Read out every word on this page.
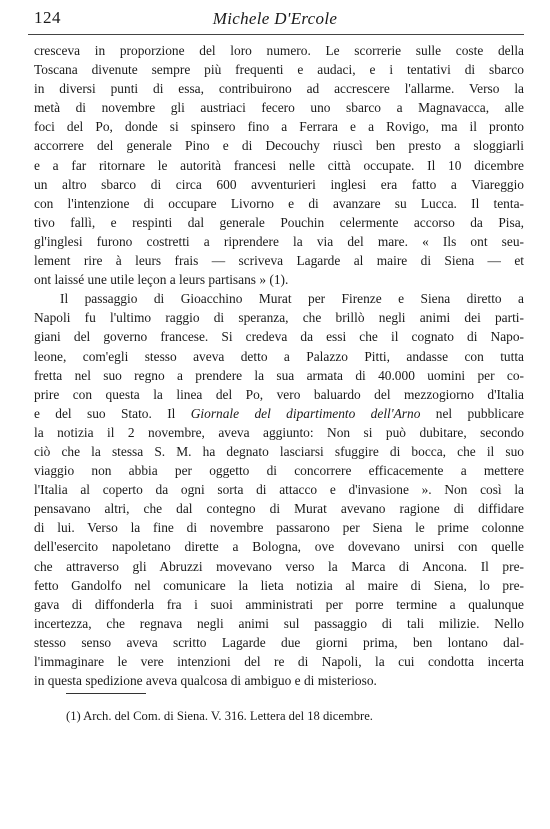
124	Michele D'Ercole
cresceva in proporzione del loro numero. Le scorrerie sulle coste della
Toscana divenute sempre più frequenti e audaci, e i tentativi di sbarco
in diversi punti di essa, contribuirono ad accrescere l'allarme. Verso la
metà di novembre gli austriaci fecero uno sbarco a Magnavacca, alle
foci del Po, donde si spinsero fino a Ferrara e a Rovigo, ma il pronto
accorrere del generale Pino e di Decouchy riuscì ben presto a sloggiarli
e a far ritornare le autorità francesi nelle città occupate. Il 10 dicembre
un altro sbarco di circa 600 avventurieri inglesi era fatto a Viareggio
con l'intenzione di occupare Livorno e di avanzare su Lucca. Il tenta-
tivo fallì, e respinti dal generale Pouchin celermente accorso da Pisa,
gl'inglesi furono costretti a riprendere la via del mare. « Ils ont seu-
lement rire à leurs frais — scriveva Lagarde al maire di Siena — et
ont laissé une utile leçon a leurs partisans » (1).
Il passaggio di Gioacchino Murat per Firenze e Siena diretto a
Napoli fu l'ultimo raggio di speranza, che brillò negli animi dei parti-
giani del governo francese. Si credeva da essi che il cognato di Napo-
leone, com'egli stesso aveva detto a Palazzo Pitti, andasse con tutta
fretta nel suo regno a prendere la sua armata di 40.000 uomini per co-
prire con questa la linea del Po, vero baluardo del mezzogiorno d'Italia
e del suo Stato. Il Giornale del dipartimento dell'Arno nel pubblicare
la notizia il 2 novembre, aveva aggiunto: Non si può dubitare, secondo
ciò che la stessa S. M. ha degnato lasciarsi sfuggire di bocca, che il suo
viaggio non abbia per oggetto di concorrere efficacemente a mettere
l'Italia al coperto da ogni sorta di attacco e d'invasione ». Non così la
pensavano altri, che dal contegno di Murat avevano ragione di diffidare
di lui. Verso la fine di novembre passarono per Siena le prime colonne
dell'esercito napoletano dirette a Bologna, ove dovevano unirsi con quelle
che attraverso gli Abruzzi movevano verso la Marca di Ancona. Il pre-
fetto Gandolfo nel comunicare la lieta notizia al maire di Siena, lo pre-
gava di diffonderla fra i suoi amministrati per porre termine a qualunque
incertezza, che regnava negli animi sul passaggio di tali milizie. Nello
stesso senso aveva scritto Lagarde due giorni prima, ben lontano dal-
l'immaginare le vere intenzioni del re di Napoli, la cui condotta incerta
in questa spedizione aveva qualcosa di ambiguo e di misterioso.
(1) Arch. del Com. di Siena. V. 316. Lettera del 18 dicembre.
